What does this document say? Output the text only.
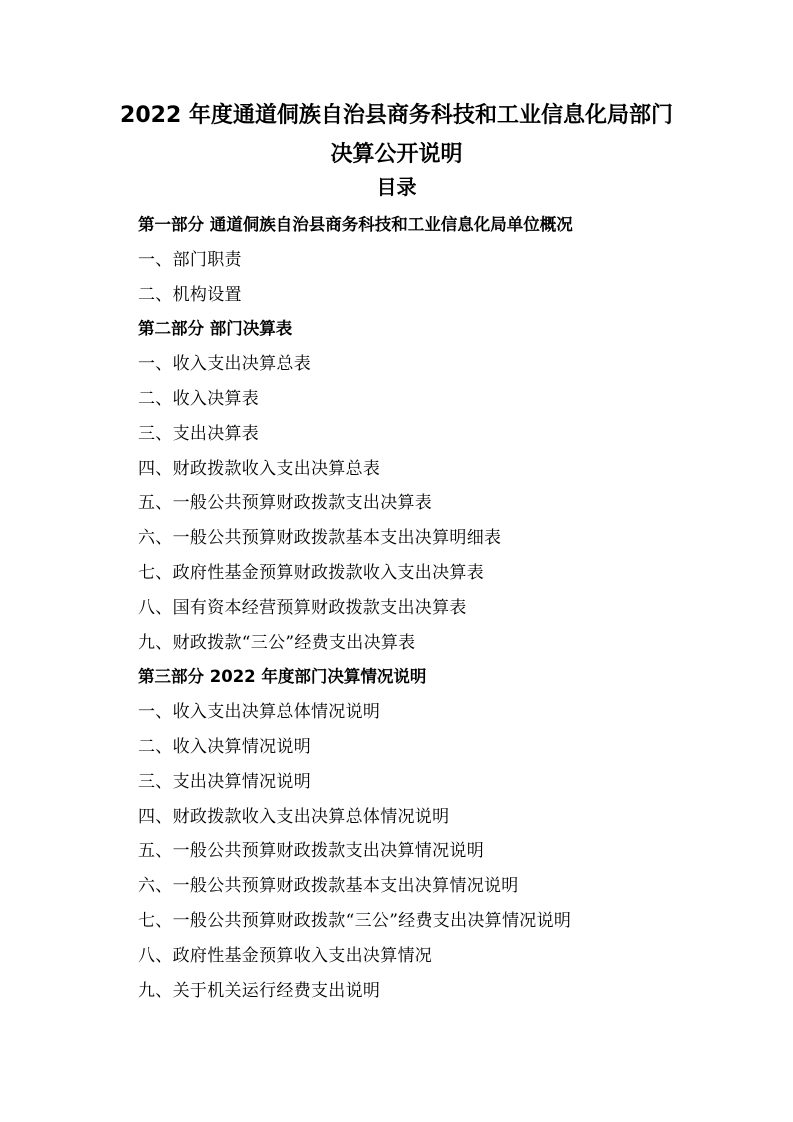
2022 年度通道侗族自治县商务科技和工业信息化局部门
决算公开说明
目录
第一部分 通道侗族自治县商务科技和工业信息化局单位概况
一、部门职责
二、机构设置
第二部分 部门决算表
一、收入支出决算总表
二、收入决算表
三、支出决算表
四、财政拨款收入支出决算总表
五、一般公共预算财政拨款支出决算表
六、一般公共预算财政拨款基本支出决算明细表
七、政府性基金预算财政拨款收入支出决算表
八、国有资本经营预算财政拨款支出决算表
九、财政拨款“三公”经费支出决算表
第三部分 2022 年度部门决算情况说明
一、收入支出决算总体情况说明
二、收入决算情况说明
三、支出决算情况说明
四、财政拨款收入支出决算总体情况说明
五、一般公共预算财政拨款支出决算情况说明
六、一般公共预算财政拨款基本支出决算情况说明
七、一般公共预算财政拨款“三公”经费支出决算情况说明
八、政府性基金预算收入支出决算情况
九、关于机关运行经费支出说明
